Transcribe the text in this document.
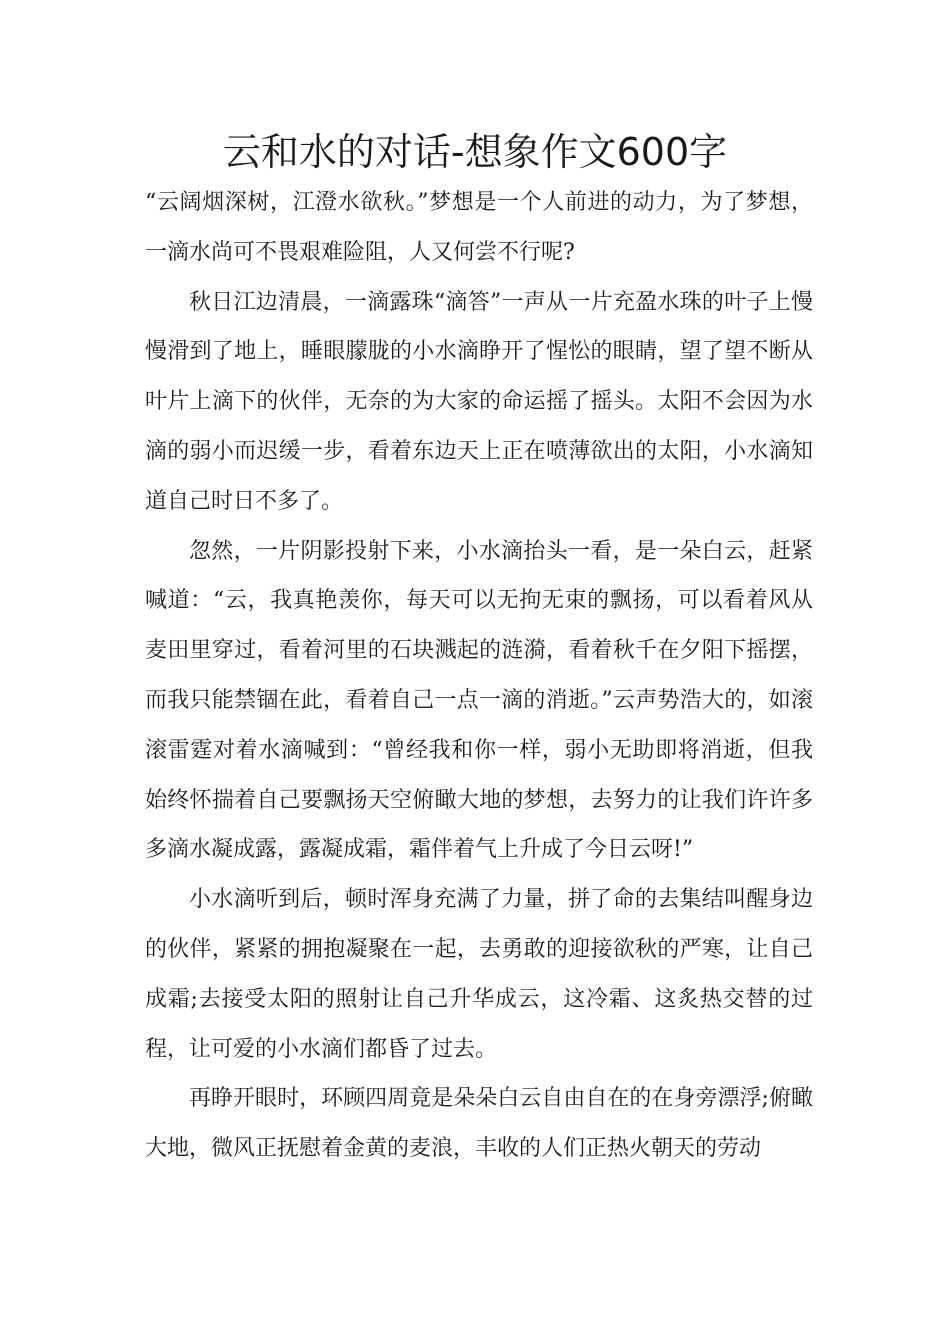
云和水的对话-想象作文600字

“云阔烟深树，江澄水欲秋。”梦想是一个人前进的动力，为了梦想，一滴水尚可不畏艰难险阻，人又何尝不行呢?

秋日江边清晨，一滴露珠“滴答”一声从一片充盈水珠的叶子上慢慢滑到了地上，睡眼朦胧的小水滴睁开了惺忪的眼睛，望了望不断从叶片上滴下的伙伴，无奈的为大家的命运摇了摇头。太阳不会因为水滴的弱小而迟缓一步，看着东边天上正在喷薄欲出的太阳，小水滴知道自己时日不多了。

忽然，一片阴影投射下来，小水滴抬头一看，是一朵白云，赶紧喊道：“云，我真艳羡你，每天可以无拘无束的飘扬，可以看着风从麦田里穿过，看着河里的石块溅起的涟漪，看着秋千在夕阳下摇摆，而我只能禁锢在此，看着自己一点一滴的消逝。”云声势浩大的，如滚滚雷霆对着水滴喊到：“曾经我和你一样，弱小无助即将消逝，但我始终怀揣着自己要飘扬天空俯瞰大地的梦想，去努力的让我们许许多多滴水凝成露，露凝成霜，霜伴着气上升成了今日云呀!”

小水滴听到后，顿时浑身充满了力量，拼了命的去集结叫醒身边的伙伴，紧紧的拥抱凝聚在一起，去勇敢的迎接欲秋的严寒，让自己成霜;去接受太阳的照射让自己升华成云，这冷霜、这炙热交替的过程，让可爱的小水滴们都昏了过去。

再睁开眼时，环顾四周竟是朵朵白云自由自在的在身旁漂浮;俯瞰大地，微风正抚慰着金黄的麦浪，丰收的人们正热火朝天的劳动
